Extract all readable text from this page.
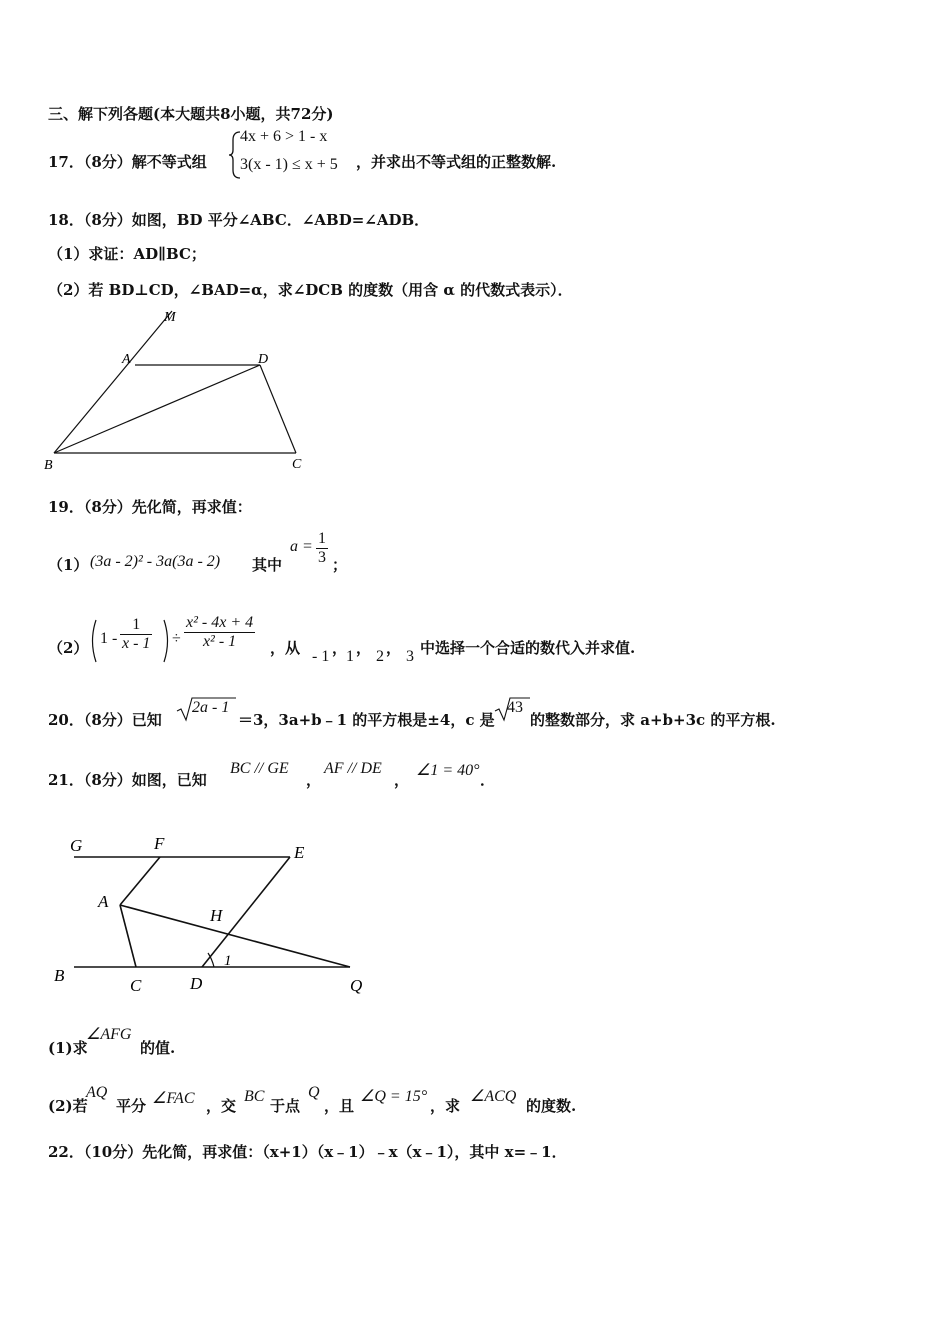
三、解下列各题(本大题共8小题，共72分)
17．（8分）解不等式组
4x + 6 > 1 - x
3(x - 1) ≤ x + 5 ，并求出不等式组的正整数解.
18．（8分）如图，BD 平分∠ABC．∠ABD=∠ADB．
（1）求证：AD∥BC；
（2）若 BD⊥CD，∠BAD=α，求∠DCB 的度数（用含 α 的代数式表示）．
M
A	D
B	C
19．（8分）先化简，再求值：
（1） (3a - 2)² - 3a(3a - 2) 其中
$a = \frac{1}{3}$ ；
（2）
$1 - \frac{1}{x - 1} \div \frac{\text{x² - 4x + 4}}{\text{x² - 1}}$ ，从 - 1 ，
1 ， 2 ， 3 中选择一个合适的数代入并求值.
20．（8分）已知
2a - 1
＝3，3a+b﹣1 的平方根是±4，c 是
43
的整数部分，求 a+b+3c 的平方根.
21．（8分）如图，已知
BC // GE
，
AF // DE
，
∠1 = 40°
．
G	F	E
A
H
B
C	D
1
Q
(1)求
∠AFG
的值.
(2)若
AQ
平分 ∠FAC ，交
BC
于点
Q
，且
∠Q = 15°
，求
∠ACQ
的度数.
22．（10分）先化简，再求值：（x+1）（x﹣1）﹣x（x﹣1），其中 x=﹣1．
